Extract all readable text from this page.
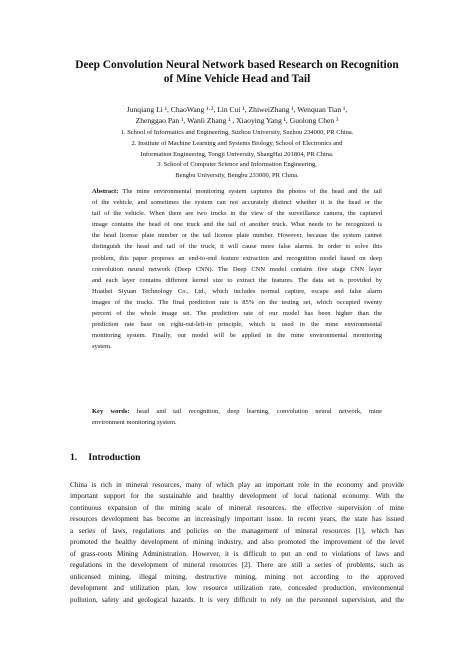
Deep Convolution Neural Network based Research on Recognition
of Mine Vehicle Head and Tail
Junqiang Li ¹, ChaoWang ¹·², Lin Cui ¹, ZhiweiZhang ¹, Wenquan Tian ¹,
Zhenggao Pan ¹, Wanli Zhang ¹ , Xiaoying Yang ¹, Guolong Chen ³
1. School of Informatics and Engineering, Suzhou University, Suzhou 234000, PR China.
2. Institute of Machine Learning and Systems Biology, School of Electronics and
Information Engineering, Tongji University, ShangHai 201804, PR China.
3. School of Computer Science and Information Engineering,
Bengbu University, Bengbu 233000, PR China.
Abstract: The mine environmental monitoring system captures the photos of the head and the tail
of the vehicle, and sometimes the system can not accurately distinct whether it is the head or the
tail of the vehicle. When there are two trucks in the view of the surveillance camera, the captured
image contains the head of one truck and the tail of another truck. What needs to be recognized is
the head license plate number or the tail license plate number. However, because the system cannot
distinguish the head and tail of the truck, it will cause more false alarms. In order to solve this
problem, this paper proposes an end-to-end feature extraction and recognition model based on deep
convolution neural network (Deep CNN). The Deep CNN model contains five stage CNN layer
and each layer contains different kernel size to extract the features. The data set is provided by
Huaibei Siyuan Technology Co., Ltd., which includes normal capture, escape and false alarm
images of the trucks. The final prediction rate is 85% on the testing set, which occupied twenty
percent of the whole image set. The prediction rate of our model has been higher than the
prediction rate base on right-out-left-in principle, which is used in the mine environmental
monitoring system. Finally, our model will be applied in the mine environmental monitoring
system.
Key words: head and tail recognition, deep learning, convolution neural network, mine
environment monitoring system.
1. Introduction
China is rich in mineral resources, many of which play an important role in the economy and provide
important support for the sustainable and healthy development of local national economy. With the
continuous expansion of the mining scale of mineral resources, the effective supervision of mine
resources development has become an increasingly important issue. In recent years, the state has issued
a series of laws, regulations and policies on the management of mineral resources [1], which has
promoted the healthy development of mining industry, and also promoted the improvement of the level
of grass-roots Mining Administration. However, it is difficult to put an end to violations of laws and
regulations in the development of mineral resources [2]. There are still a series of problems, such as
unlicensed mining, illegal mining, destructive mining, mining not according to the approved
development and utilization plan, low resource utilization rate, concealed production, environmental
pollution, safety and geological hazards. It is very difficult to rely on the personnel supervision, and the
